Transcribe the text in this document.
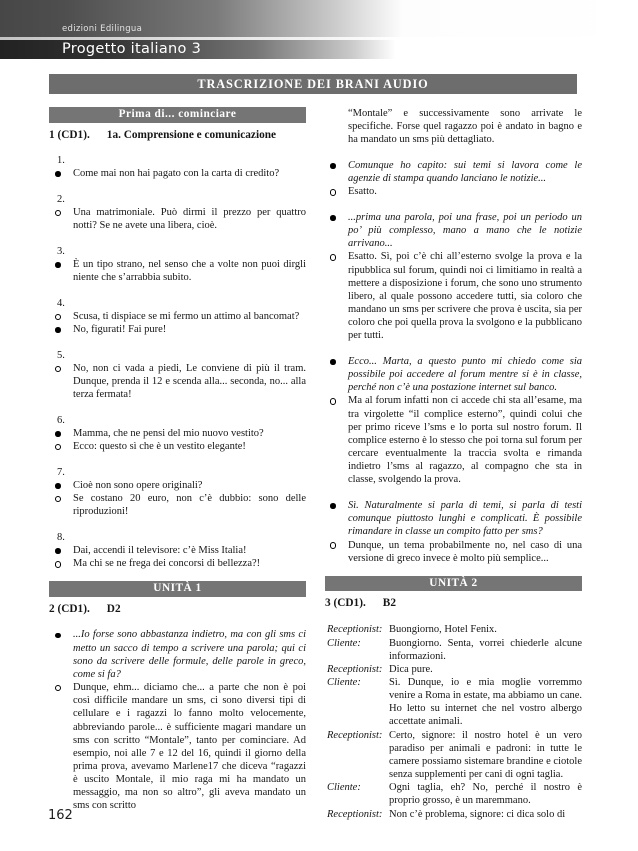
edizioni Edilingua
Progetto italiano 3
TRASCRIZIONE DEI BRANI AUDIO
Prima di... cominciare
1 (CD1). 1a. Comprensione e comunicazione
1.
Come mai non hai pagato con la carta di credito?
2.
Una matrimoniale. Può dirmi il prezzo per quattro notti? Se ne avete una libera, cioè.
3.
È un tipo strano, nel senso che a volte non puoi dirgli niente che s’arrabbia subito.
4.
Scusa, ti dispiace se mi fermo un attimo al bancomat?
No, figurati! Fai pure!
5.
No, non ci vada a piedi, Le conviene di più il tram. Dunque, prenda il 12 e scenda alla... seconda, no... alla terza fermata!
6.
Mamma, che ne pensi del mio nuovo vestito?
Ecco: questo sì che è un vestito elegante!
7.
Cioè non sono opere originali?
Se costano 20 euro, non c’è dubbio: sono delle riproduzioni!
8.
Dai, accendi il televisore: c’è Miss Italia!
Ma chi se ne frega dei concorsi di bellezza?!
UNITÀ 1
2 (CD1). D2
...Io forse sono abbastanza indietro, ma con gli sms ci metto un sacco di tempo a scrivere una parola; qui ci sono da scrivere delle formule, delle parole in greco, come si fa?
Dunque, ehm... diciamo che... a parte che non è poi così difficile mandare un sms, ci sono diversi tipi di cellulare e i ragazzi lo fanno molto velocemente, abbreviando parole... è sufficiente magari mandare un sms con scritto “Montale”, tanto per cominciare. Ad esempio, noi alle 7 e 12 del 16, quindi il giorno della prima prova, avevamo Marlene17 che diceva “ragazzi è uscito Montale, il mio raga mi ha mandato un messaggio, ma non so altro”, gli aveva mandato un sms con scritto
“Montale” e successivamente sono arrivate le specifiche. Forse quel ragazzo poi è andato in bagno e ha mandato un sms più dettagliato.
Comunque ho capito: sui temi si lavora come le agenzie di stampa quando lanciano le notizie...
Esatto.
...prima una parola, poi una frase, poi un periodo un po’ più complesso, mano a mano che le notizie arrivano...
Esatto. Sì, poi c’è chi all’esterno svolge la prova e la ripubblica sul forum, quindi noi ci limitiamo in realtà a mettere a disposizione i forum, che sono uno strumento libero, al quale possono accedere tutti, sia coloro che mandano un sms per scrivere che prova è uscita, sia per coloro che poi quella prova la svolgono e la pubblicano per tutti.
Ecco... Marta, a questo punto mi chiedo come sia possibile poi accedere al forum mentre si è in classe, perché non c’è una postazione internet sul banco.
Ma al forum infatti non ci accede chi sta all’esame, ma tra virgolette “il complice esterno”, quindi colui che per primo riceve l’sms e lo porta sul nostro forum. Il complice esterno è lo stesso che poi torna sul forum per cercare eventualmente la traccia svolta e rimanda indietro l’sms al ragazzo, al compagno che sta in classe, svolgendo la prova.
Sì. Naturalmente si parla di temi, si parla di testi comunque piuttosto lunghi e complicati. È possibile rimandare in classe un compito fatto per sms?
Dunque, un tema probabilmente no, nel caso di una versione di greco invece è molto più semplice...
UNITÀ 2
3 (CD1). B2
Receptionist: Buongiorno, Hotel Fenix.
Cliente:	Buongiorno. Senta, vorrei chiederle alcune informazioni.
Receptionist: Dica pure.
Cliente:	Sì. Dunque, io e mia moglie vorremmo venire a Roma in estate, ma abbiamo un cane. Ho letto su internet che nel vostro albergo accettate animali.
Receptionist: Certo, signore: il nostro hotel è un vero paradiso per animali e padroni: in tutte le camere possiamo sistemare brandine e ciotole senza supplementi per cani di ogni taglia.
Cliente:	Ogni taglia, eh? No, perché il nostro è proprio grosso, è un maremmano.
Receptionist: Non c’è problema, signore: ci dica solo di
162
